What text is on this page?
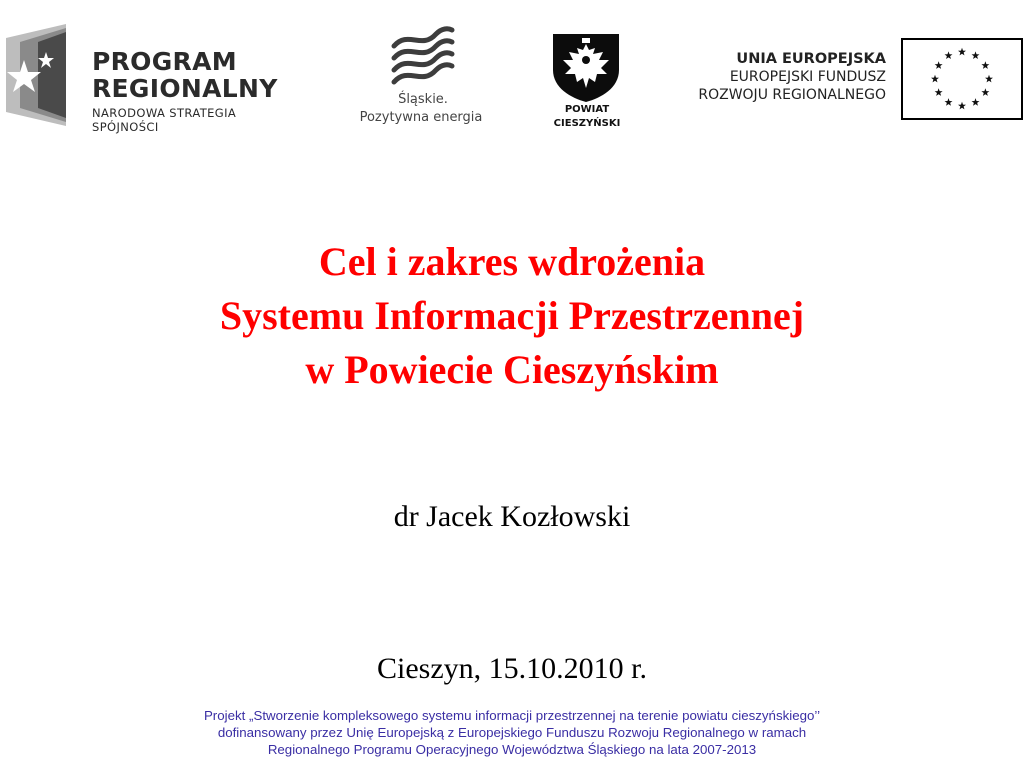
PROGRAM
REGIONALNY
NARODOWA STRATEGIA SPÓJNOŚCI
Śląskie.
Pozytywna energia
POWIAT
CIESZYŃSKI
UNIA EUROPEJSKA
EUROPEJSKI FUNDUSZ
ROZWOJU REGIONALNEGO
Cel i zakres wdrożenia
Systemu Informacji Przestrzennej
w Powiecie Cieszyńskim
dr Jacek Kozłowski
Cieszyn, 15.10.2010 r.
Projekt „Stworzenie kompleksowego systemu informacji przestrzennej na terenie powiatu cieszyńskiego’’
dofinansowany przez Unię Europejską z Europejskiego Funduszu Rozwoju Regionalnego w ramach
Regionalnego Programu Operacyjnego Województwa Śląskiego na lata 2007-2013
